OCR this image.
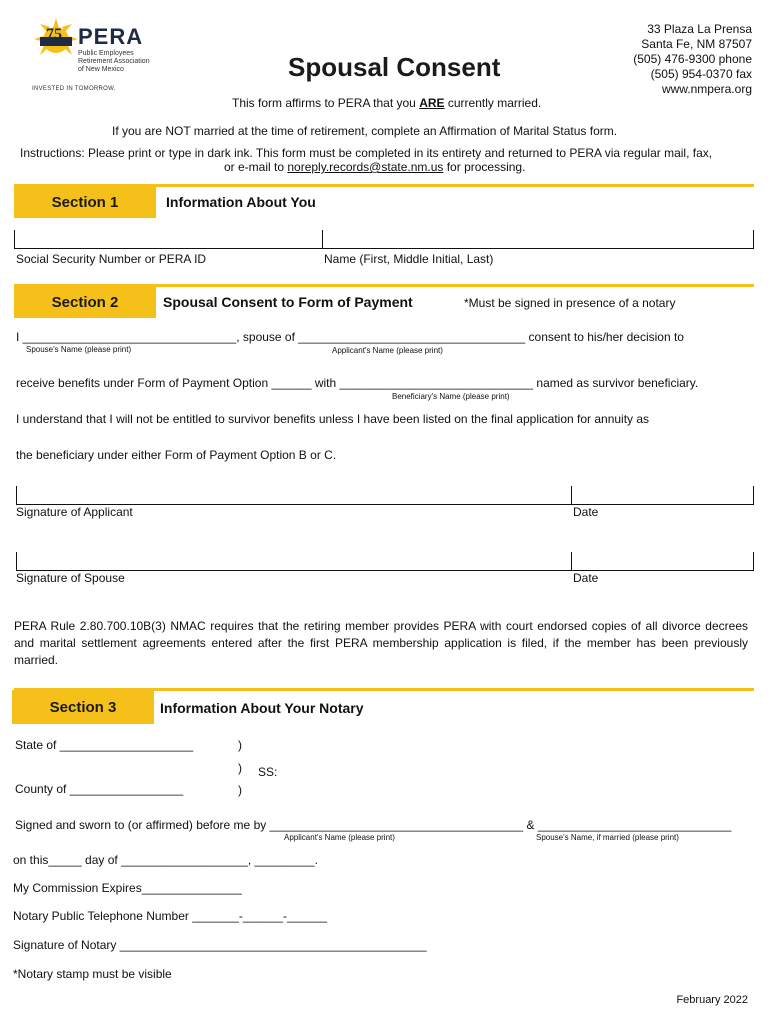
75 PERA
Public Employees
Retirement Association
of New Mexico
INVESTED IN TOMORROW.
Spousal Consent
33 Plaza La Prensa
Santa Fe, NM 87507
(505) 476-9300 phone
(505) 954-0370 fax
www.nmpera.org
This form affirms to PERA that you ARE currently married.
If you are NOT married at the time of retirement, complete an Affirmation of Marital Status form.
Instructions: Please print or type in dark ink. This form must be completed in its entirety and returned to PERA via regular mail, fax,
or e-mail to noreply.records@state.nm.us for processing.
Section 1	Information About You
Social Security Number or PERA ID	Name (First, Middle Initial, Last)
Section 2	Spousal Consent to Form of Payment	*Must be signed in presence of a notary
I ________________________________, spouse of __________________________________ consent to his/her decision to
Spouse's Name (please print)	Applicant's Name (please print)
receive benefits under Form of Payment Option ______ with _____________________________ named as survivor beneficiary.
Beneficiary's Name (please print)
I understand that I will not be entitled to survivor benefits unless I have been listed on the final application for annuity as
the beneficiary under either Form of Payment Option B or C.
Signature of Applicant	Date
Signature of Spouse	Date
PERA Rule 2.80.700.10B(3) NMAC requires that the retiring member provides PERA with court endorsed copies of all divorce decrees and marital settlement agreements entered after the first PERA membership application is filed, if the member has been previously married.
Section 3	Information About Your Notary
State of ____________________	)
) SS:
)
County of _________________
Signed and sworn to (or affirmed) before me by ______________________________________ & _____________________________
Applicant's Name (please print)	Spouse's Name, if married (please print)
on this_____ day of ___________________, _________.
My Commission Expires_______________
Notary Public Telephone Number _______-______-______
Signature of Notary ______________________________________________
*Notary stamp must be visible
February 2022
